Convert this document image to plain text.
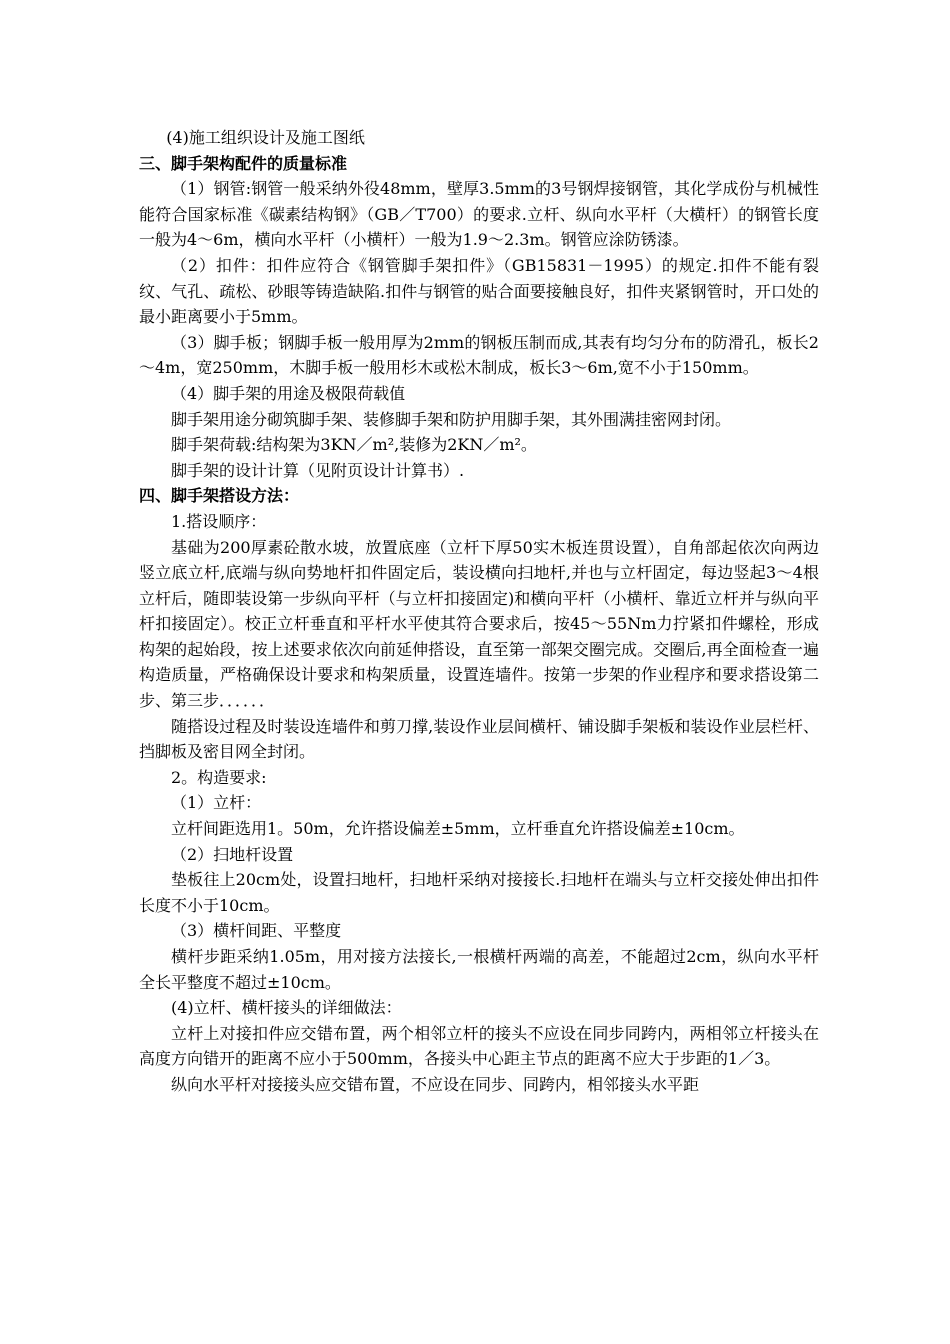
(4)施工组织设计及施工图纸

三、脚手架构配件的质量标准

（1）钢管:钢管一般采纳外役48mm，壁厚3.5mm的3号钢焊接钢管，其化学成份与机械性能符合国家标准《碳素结构钢》（GB／T700）的要求.立杆、纵向水平杆（大横杆）的钢管长度一般为4～6m，横向水平杆（小横杆）一般为1.9～2.3m。钢管应涂防锈漆。

（2）扣件：扣件应符合《钢管脚手架扣件》（GB15831－1995）的规定.扣件不能有裂纹、气孔、疏松、砂眼等铸造缺陷.扣件与钢管的贴合面要接触良好，扣件夹紧钢管时，开口处的最小距离要小于5mm。

（3）脚手板；钢脚手板一般用厚为2mm的钢板压制而成,其表有均匀分布的防滑孔，板长2～4m，宽250mm，木脚手板一般用杉木或松木制成，板长3～6m,宽不小于150mm。

（4）脚手架的用途及极限荷载值

脚手架用途分砌筑脚手架、装修脚手架和防护用脚手架，其外围满挂密网封闭。

脚手架荷载:结构架为3KN／m²,装修为2KN／m²。

脚手架的设计计算（见附页设计计算书）.

四、脚手架搭设方法：

1.搭设顺序：

基础为200厚素砼散水坡，放置底座（立杆下厚50实木板连贯设置），自角部起依次向两边竖立底立杆,底端与纵向势地杆扣件固定后，装设横向扫地杆,并也与立杆固定，每边竖起3～4根立杆后，随即装设第一步纵向平杆（与立杆扣接固定)和横向平杆（小横杆、靠近立杆并与纵向平杆扣接固定）。校正立杆垂直和平杆水平使其符合要求后，按45～55Nm力拧紧扣件螺栓，形成构架的起始段，按上述要求依次向前延伸搭设，直至第一部架交圈完成。交圈后,再全面检查一遍构造质量，严格确保设计要求和构架质量，设置连墙件。按第一步架的作业程序和要求搭设第二步、第三步．．．．．．

随搭设过程及时装设连墙件和剪刀撑,装设作业层间横杆、铺设脚手架板和装设作业层栏杆、挡脚板及密目网全封闭。

2。构造要求:

（1）立杆：

立杆间距选用1。50m，允许搭设偏差±5mm，立杆垂直允许搭设偏差±10cm。

（2）扫地杆设置

垫板往上20cm处，设置扫地杆，扫地杆采纳对接接长.扫地杆在端头与立杆交接处伸出扣件长度不小于10cm。

（3）横杆间距、平整度

横杆步距采纳1.05m，用对接方法接长,一根横杆两端的高差，不能超过2cm，纵向水平杆全长平整度不超过±10cm。

(4)立杆、横杆接头的详细做法：

立杆上对接扣件应交错布置，两个相邻立杆的接头不应设在同步同跨内，两相邻立杆接头在高度方向错开的距离不应小于500mm，各接头中心距主节点的距离不应大于步距的1／3。

纵向水平杆对接接头应交错布置，不应设在同步、同跨内，相邻接头水平距
